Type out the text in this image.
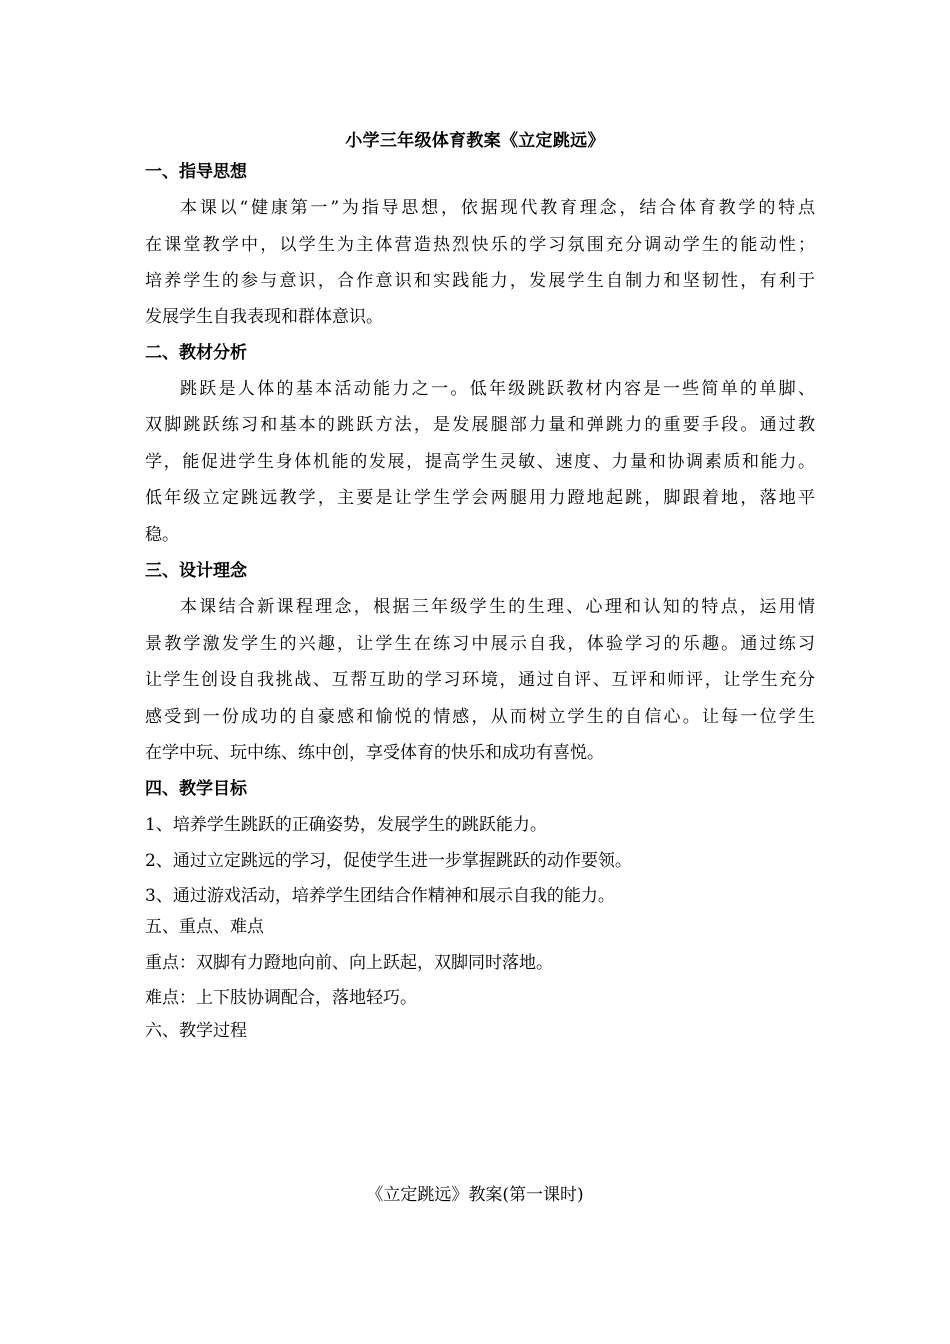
小学三年级体育教案《立定跳远》
一、指导思想
本课以“健康第一”为指导思想，依据现代教育理念，结合体育教学的特点
在课堂教学中，以学生为主体营造热烈快乐的学习氛围充分调动学生的能动性；
培养学生的参与意识，合作意识和实践能力，发展学生自制力和坚韧性，有利于
发展学生自我表现和群体意识。
二、教材分析
跳跃是人体的基本活动能力之一。低年级跳跃教材内容是一些简单的单脚、
双脚跳跃练习和基本的跳跃方法，是发展腿部力量和弹跳力的重要手段。通过教
学，能促进学生身体机能的发展，提高学生灵敏、速度、力量和协调素质和能力。
低年级立定跳远教学，主要是让学生学会两腿用力蹬地起跳，脚跟着地，落地平
稳。
三、设计理念
本课结合新课程理念，根据三年级学生的生理、心理和认知的特点，运用情
景教学激发学生的兴趣，让学生在练习中展示自我，体验学习的乐趣。通过练习
让学生创设自我挑战、互帮互助的学习环境，通过自评、互评和师评，让学生充分
感受到一份成功的自豪感和愉悦的情感，从而树立学生的自信心。让每一位学生
在学中玩、玩中练、练中创，享受体育的快乐和成功有喜悦。
四、教学目标
1、培养学生跳跃的正确姿势，发展学生的跳跃能力。
2、通过立定跳远的学习，促使学生进一步掌握跳跃的动作要领。
3、通过游戏活动，培养学生团结合作精神和展示自我的能力。
五、重点、难点
重点：双脚有力蹬地向前、向上跃起，双脚同时落地。
难点：上下肢协调配合，落地轻巧。
六、教学过程
《立定跳远》教案(第一课时)
